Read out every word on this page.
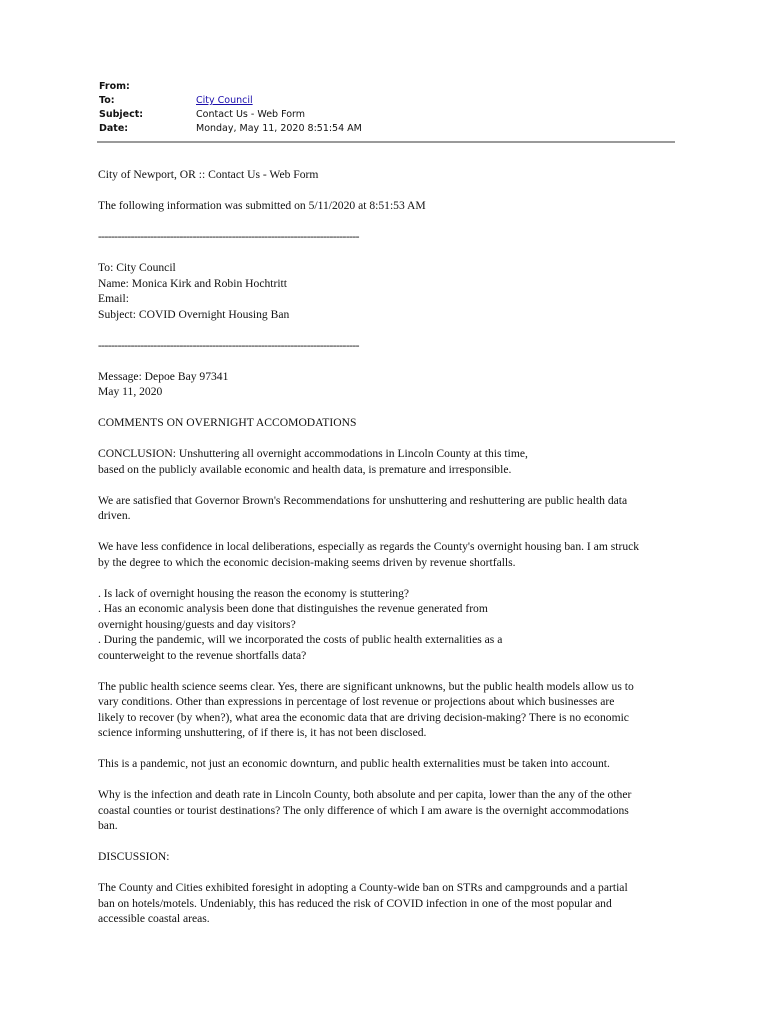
From:
To:	City Council
Subject:	Contact Us - Web Form
Date:	Monday, May 11, 2020 8:51:54 AM

City of Newport, OR :: Contact Us - Web Form

The following information was submitted on 5/11/2020 at 8:51:53 AM

--------------------------------------------------------------------------------

To: City Council

Name: Monica Kirk and Robin Hochtritt

Email:

Subject: COVID Overnight Housing Ban

--------------------------------------------------------------------------------

Message: Depoe Bay 97341

May 11, 2020

COMMENTS ON OVERNIGHT ACCOMODATIONS

CONCLUSION: Unshuttering all overnight accommodations in Lincoln County at this time,
based on the publicly available economic and health data, is premature and irresponsible.

We are satisfied that Governor Brown's Recommendations for unshuttering and reshuttering are public health data
driven.

We have less confidence in local deliberations, especially as regards the County's overnight housing ban. I am struck
by the degree to which the economic decision-making seems driven by revenue shortfalls.

. Is lack of overnight housing the reason the economy is stuttering?
. Has an economic analysis been done that distinguishes the revenue generated from
overnight housing/guests and day visitors?
. During the pandemic, will we incorporated the costs of public health externalities as a
counterweight to the revenue shortfalls data?

The public health science seems clear. Yes, there are significant unknowns, but the public health models allow us to
vary conditions. Other than expressions in percentage of lost revenue or projections about which businesses are
likely to recover (by when?), what area the economic data that are driving decision-making? There is no economic
science informing unshuttering, of if there is, it has not been disclosed.

This is a pandemic, not just an economic downturn, and public health externalities must be taken into account.

Why is the infection and death rate in Lincoln County, both absolute and per capita, lower than the any of the other
coastal counties or tourist destinations? The only difference of which I am aware is the overnight accommodations
ban.

DISCUSSION:

The County and Cities exhibited foresight in adopting a County-wide ban on STRs and campgrounds and a partial
ban on hotels/motels. Undeniably, this has reduced the risk of COVID infection in one of the most popular and
accessible coastal areas.
